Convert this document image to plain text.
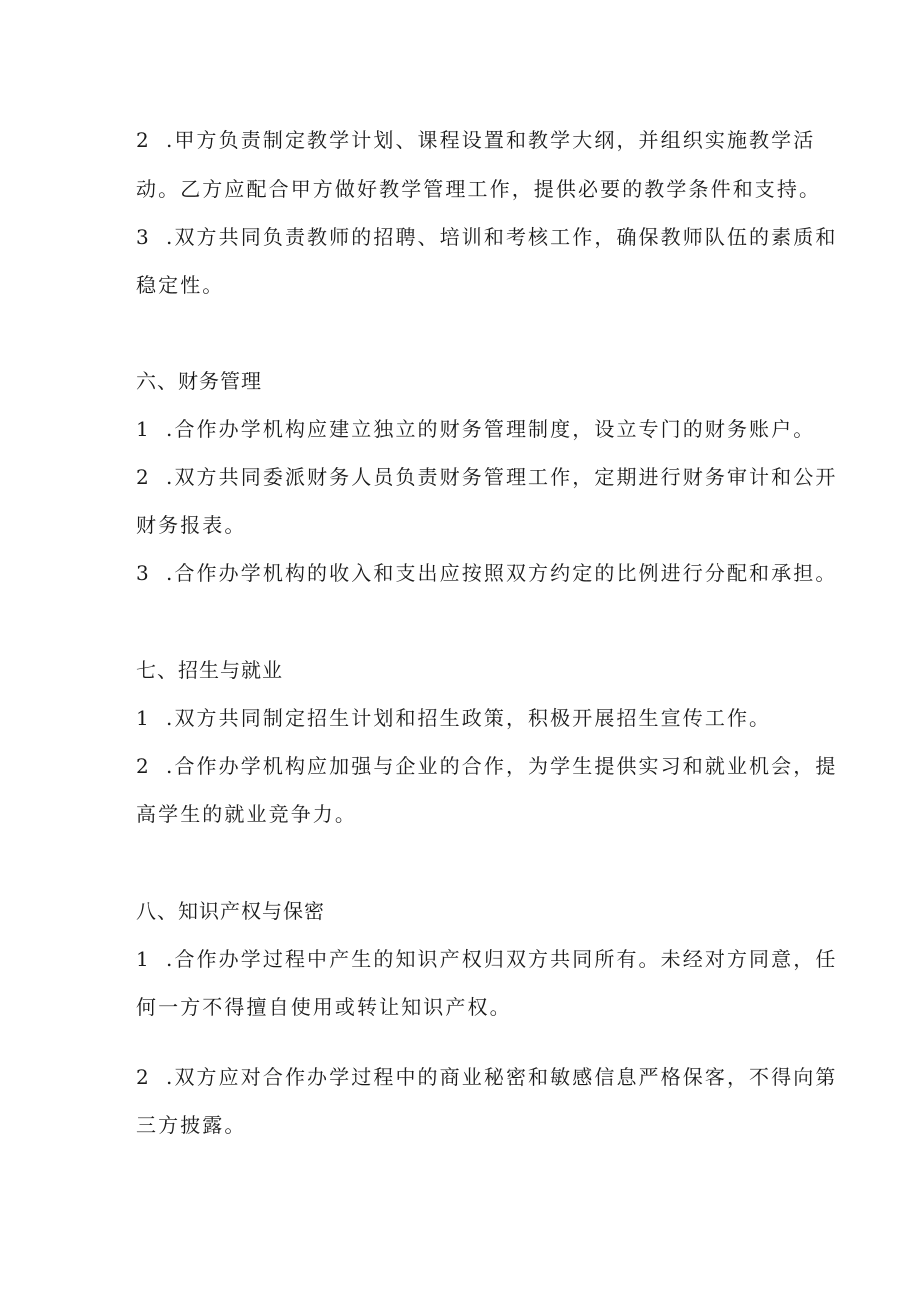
2 .甲方负责制定教学计划、课程设置和教学大纲，并组织实施教学活
动。乙方应配合甲方做好教学管理工作，提供必要的教学条件和支持。
3 .双方共同负责教师的招聘、培训和考核工作，确保教师队伍的素质和
稳定性。
六、财务管理
1 .合作办学机构应建立独立的财务管理制度，设立专门的财务账户。
2 .双方共同委派财务人员负责财务管理工作，定期进行财务审计和公开
财务报表。
3 .合作办学机构的收入和支出应按照双方约定的比例进行分配和承担。
七、招生与就业
1 .双方共同制定招生计划和招生政策，积极开展招生宣传工作。
2 .合作办学机构应加强与企业的合作，为学生提供实习和就业机会，提
高学生的就业竞争力。
八、知识产权与保密
1 .合作办学过程中产生的知识产权归双方共同所有。未经对方同意，任
何一方不得擅自使用或转让知识产权。
2 .双方应对合作办学过程中的商业秘密和敏感信息严格保客，不得向第
三方披露。
